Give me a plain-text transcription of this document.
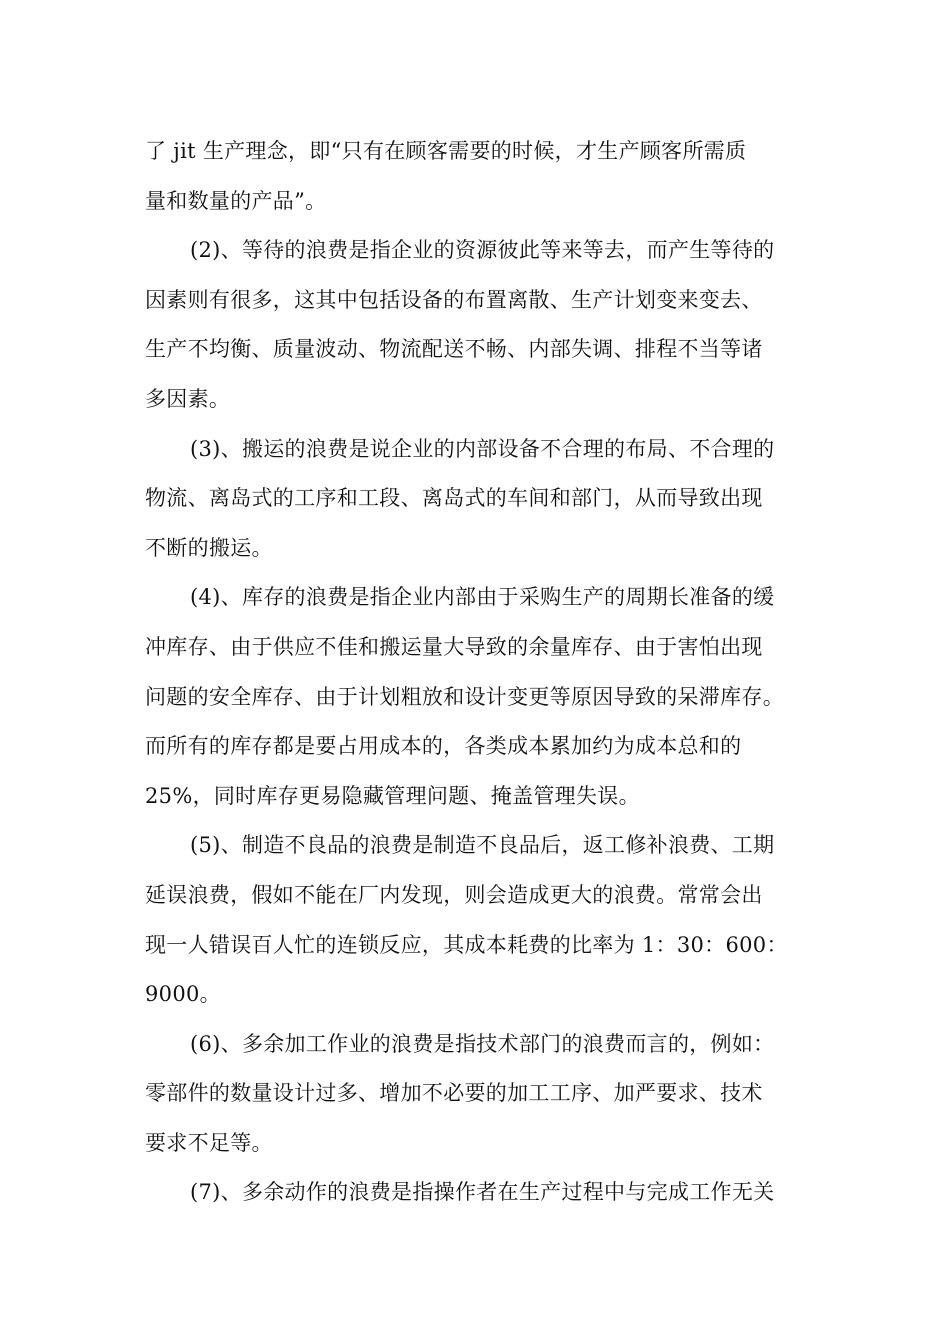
了 jit 生产理念，即“只有在顾客需要的时候，才生产顾客所需质
量和数量的产品”。
(2)、等待的浪费是指企业的资源彼此等来等去，而产生等待的
因素则有很多，这其中包括设备的布置离散、生产计划变来变去、
生产不均衡、质量波动、物流配送不畅、内部失调、排程不当等诸
多因素。
(3)、搬运的浪费是说企业的内部设备不合理的布局、不合理的
物流、离岛式的工序和工段、离岛式的车间和部门，从而导致出现
不断的搬运。
(4)、库存的浪费是指企业内部由于采购生产的周期长准备的缓
冲库存、由于供应不佳和搬运量大导致的余量库存、由于害怕出现
问题的安全库存、由于计划粗放和设计变更等原因导致的呆滞库存。
而所有的库存都是要占用成本的，各类成本累加约为成本总和的
25%，同时库存更易隐藏管理问题、掩盖管理失误。
(5)、制造不良品的浪费是制造不良品后，返工修补浪费、工期
延误浪费，假如不能在厂内发现，则会造成更大的浪费。常常会出
现一人错误百人忙的连锁反应，其成本耗费的比率为 1：30：600：
9000。
(6)、多余加工作业的浪费是指技术部门的浪费而言的，例如：
零部件的数量设计过多、增加不必要的加工工序、加严要求、技术
要求不足等。
(7)、多余动作的浪费是指操作者在生产过程中与完成工作无关
